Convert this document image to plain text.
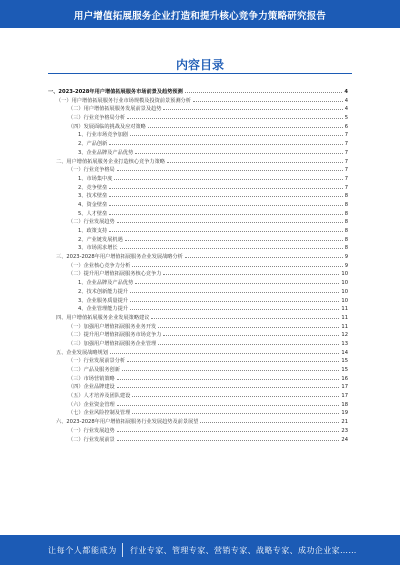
用户增值拓展服务企业打造和提升核心竞争力策略研究报告
内容目录
一、2023-2028年用户增值拓展服务市场前景及趋势预测	4
（一）用户增值拓展服务行业市场规模及投资前景预测分析	4
（二）用户增值拓展服务发展前景及趋势	4
（三）行业竞争格局分析	5
（四）发展面临的挑战及应对策略	6
1、行业市场竞争加剧	7
2、产品创新	7
3、企业品牌及产品优势	7
二、用户增值拓展服务企业打造核心竞争力策略	7
（一）行业竞争格局	7
1、市场集中度	7
2、竞争壁垒	7
3、技术壁垒	8
4、资金壁垒	8
5、人才壁垒	8
（二）行业发展趋势	8
1、政策支持	8
2、产业链发展机遇	8
3、市场需求增长	8
三、2023-2028年用户增值拓展服务企业发展战略分析	9
（一）企业核心竞争力分析	9
（二）提升用户增值拓展服务核心竞争力	10
1、企业品牌及产品优势	10
2、技术创新能力提升	10
3、企业服务质量提升	10
4、企业管理能力提升	11
四、用户增值拓展服务企业发展策略建议	11
（一）加强用户增值拓展服务业务开发	11
（二）提升用户增值拓展服务市场竞争力	12
（三）加强用户增值拓展服务企业管理	13
五、企业发展战略规划	14
（一）行业发展前景分析	15
（二）产品及服务创新	15
（三）市场营销策略	16
（四）企业品牌建设	17
（五）人才培养及团队建设	17
（六）企业资金管理	18
（七）企业风险控制及管理	19
六、2023-2028年用户增值拓展服务行业发展趋势及前景展望	21
（一）行业发展趋势	23
（二）行业发展前景	24
让每个人都能成为 行业专家、管理专家、营销专家、战略专家、成功企业家……
